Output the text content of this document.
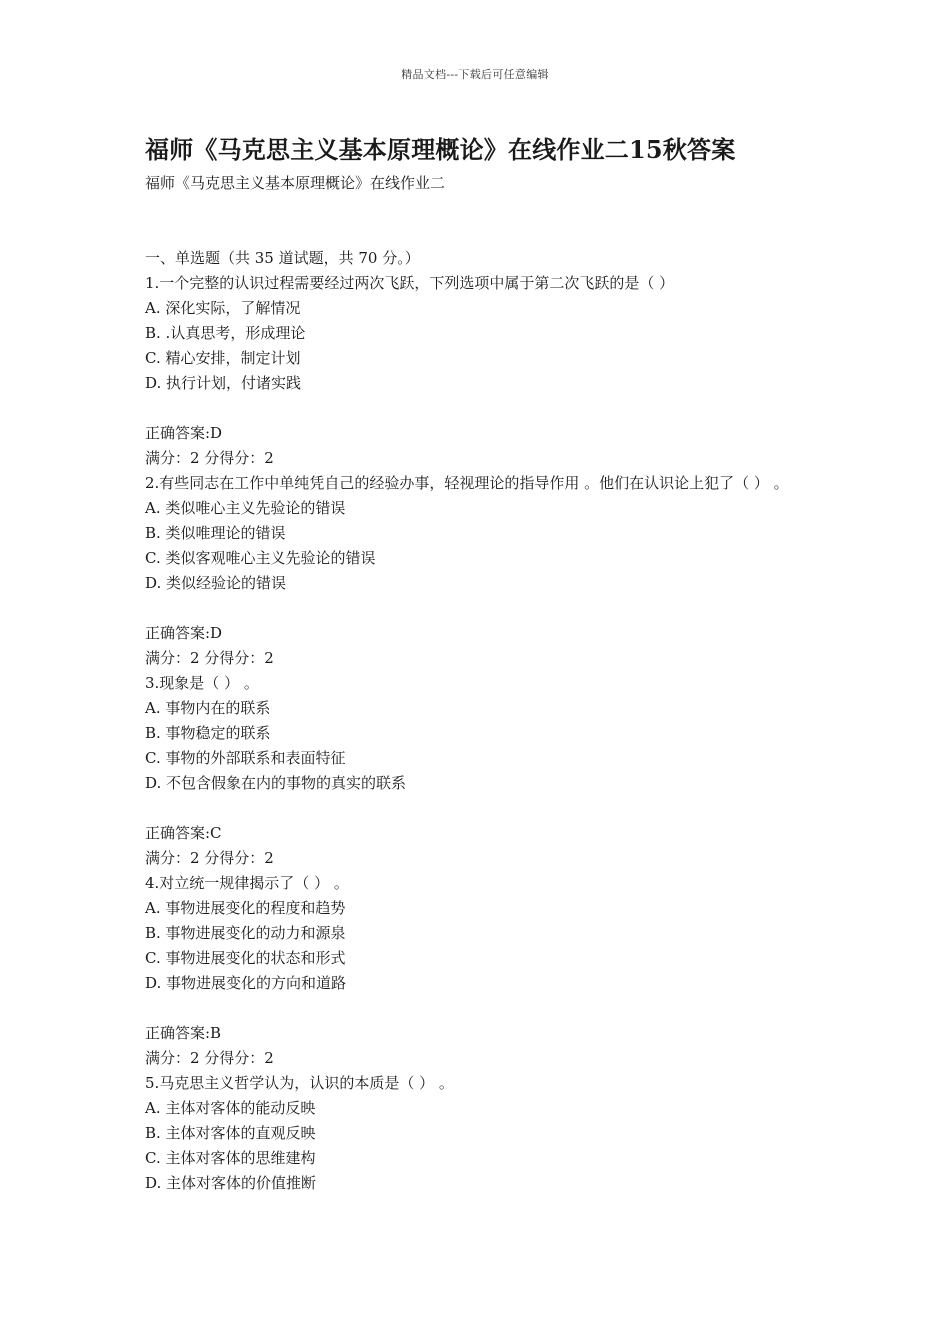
精品文档---下载后可任意编辑
福师《马克思主义基本原理概论》在线作业二15秋答案
福师《马克思主义基本原理概论》在线作业二
一、单选题（共 35 道试题，共 70 分。）
1.一个完整的认识过程需要经过两次飞跃，下列选项中属于第二次飞跃的是（ ）
A. 深化实际，了解情况
B. .认真思考，形成理论
C. 精心安排，制定计划
D. 执行计划，付诸实践
正确答案:D
满分：2 分得分：2
2.有些同志在工作中单纯凭自己的经验办事，轻视理论的指导作用 。他们在认识论上犯了（ ） 。
A. 类似唯心主义先验论的错误
B. 类似唯理论的错误
C. 类似客观唯心主义先验论的错误
D. 类似经验论的错误
正确答案:D
满分：2 分得分：2
3.现象是（ ） 。
A. 事物内在的联系
B. 事物稳定的联系
C. 事物的外部联系和表面特征
D. 不包含假象在内的事物的真实的联系
正确答案:C
满分：2 分得分：2
4.对立统一规律揭示了（ ） 。
A. 事物进展变化的程度和趋势
B. 事物进展变化的动力和源泉
C. 事物进展变化的状态和形式
D. 事物进展变化的方向和道路
正确答案:B
满分：2 分得分：2
5.马克思主义哲学认为，认识的本质是（ ） 。
A. 主体对客体的能动反映
B. 主体对客体的直观反映
C. 主体对客体的思维建构
D. 主体对客体的价值推断
